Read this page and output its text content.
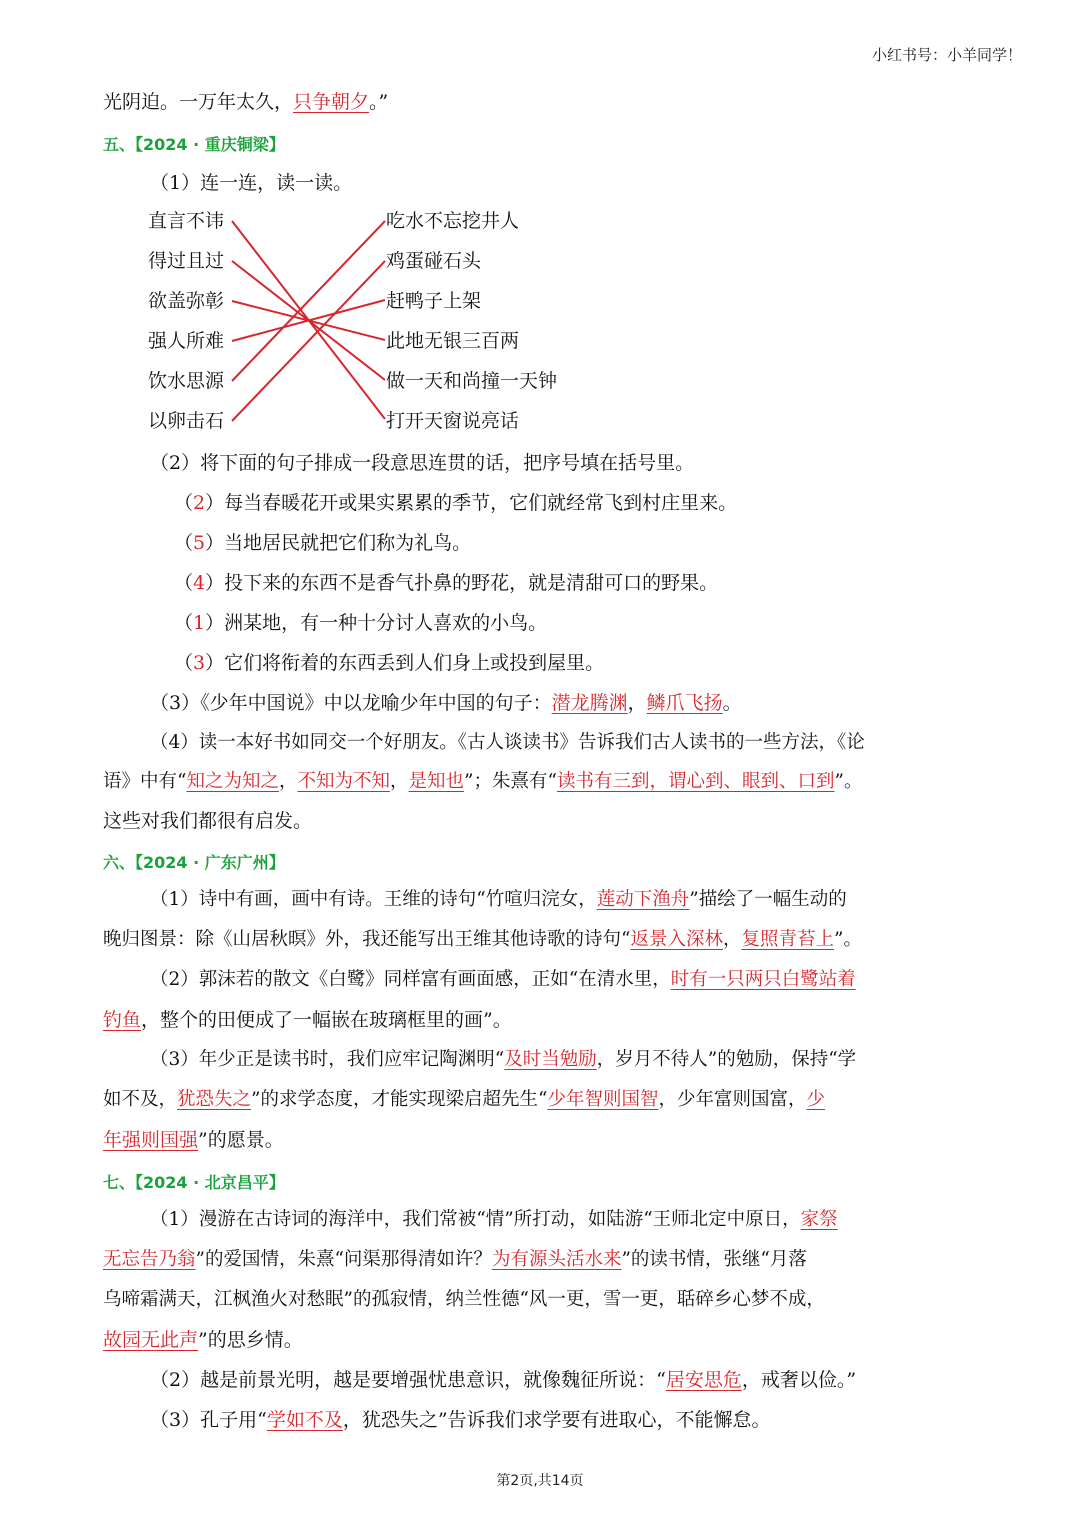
小红书号：小羊同学！
光阴迫。一万年太久，只争朝夕。”
五、【2024 · 重庆铜梁】
（1）连一连，读一读。
直言不讳
得过且过
欲盖弥彰
强人所难
饮水思源
以卵击石
吃水不忘挖井人
鸡蛋碰石头
赶鸭子上架
此地无银三百两
做一天和尚撞一天钟
打开天窗说亮话
（2）将下面的句子排成一段意思连贯的话，把序号填在括号里。
（2）每当春暖花开或果实累累的季节，它们就经常飞到村庄里来。
（5）当地居民就把它们称为礼鸟。
（4）投下来的东西不是香气扑鼻的野花，就是清甜可口的野果。
（1）洲某地，有一种十分讨人喜欢的小鸟。
（3）它们将衔着的东西丢到人们身上或投到屋里。
（3）《少年中国说》中以龙喻少年中国的句子：潜龙腾渊，鳞爪飞扬。
（4）读一本好书如同交一个好朋友。《古人谈读书》告诉我们古人读书的一些方法，《论
语》中有“知之为知之，不知为不知，是知也”；朱熹有“读书有三到，谓心到、眼到、口到”。
这些对我们都很有启发。
六、【2024 · 广东广州】
（1）诗中有画，画中有诗。王维的诗句“竹喧归浣女，莲动下渔舟”描绘了一幅生动的
晚归图景：除《山居秋暝》外，我还能写出王维其他诗歌的诗句“返景入深林，复照青苔上”。
（2）郭沫若的散文《白鹭》同样富有画面感，正如“在清水里，时有一只两只白鹭站着
钓鱼，整个的田便成了一幅嵌在玻璃框里的画”。
（3）年少正是读书时，我们应牢记陶渊明“及时当勉励，岁月不待人”的勉励，保持“学
如不及，犹恐失之”的求学态度，才能实现梁启超先生“少年智则国智，少年富则国富，少
年强则国强”的愿景。
七、【2024 · 北京昌平】
（1）漫游在古诗词的海洋中，我们常被“情”所打动，如陆游“王师北定中原日，家祭
无忘告乃翁”的爱国情，朱熹“问渠那得清如许？为有源头活水来”的读书情，张继“月落
乌啼霜满天，江枫渔火对愁眠”的孤寂情，纳兰性德“风一更，雪一更，聒碎乡心梦不成，
故园无此声”的思乡情。
（2）越是前景光明，越是要增强忧患意识，就像魏征所说：“居安思危，戒奢以俭。”
（3）孔子用“学如不及，犹恐失之”告诉我们求学要有进取心，不能懈怠。
第2页,共14页
